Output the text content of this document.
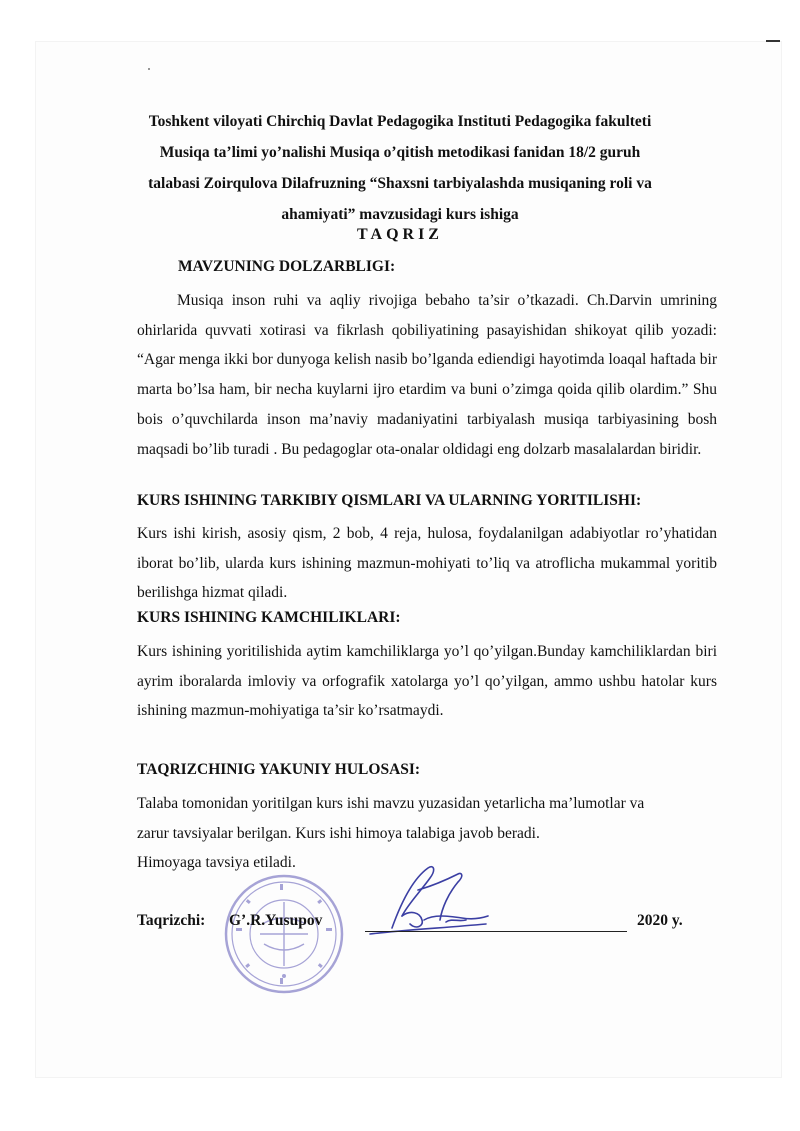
Toshkent viloyati Chirchiq Davlat Pedagogika Instituti Pedagogika fakulteti
Musiqa ta’limi yo’nalishi Musiqa o’qitish metodikasi fanidan 18/2 guruh
talabasi Zoirqulova Dilafruzning “Shaxsni tarbiyalashda musiqaning roli va
ahamiyati” mavzusidagi kurs ishiga
TAQRIZ
MAVZUNING DOLZARBLIGI:
Musiqa inson ruhi va aqliy rivojiga bebaho ta’sir o’tkazadi. Ch.Darvin umrining ohirlarida quvvati xotirasi va fikrlash qobiliyatining pasayishidan shikoyat qilib yozadi: “Agar menga ikki bor dunyoga kelish nasib bo’lganda ediendigi hayotimda loaqal haftada bir marta bo’lsa ham, bir necha kuylarni ijro etardim va buni o’zimga qoida qilib olardim.” Shu bois o’quvchilarda inson ma’naviy madaniyatini tarbiyalash musiqa tarbiyasining bosh maqsadi bo’lib turadi . Bu pedagoglar ota-onalar oldidagi eng dolzarb masalalardan biridir.
KURS ISHINING TARKIBIY QISMLARI VA ULARNING YORITILISHI:
Kurs ishi kirish, asosiy qism, 2 bob, 4 reja, hulosa, foydalanilgan adabiyotlar ro’yhatidan iborat bo’lib, ularda kurs ishining mazmun-mohiyati to’liq va atroflicha mukammal yoritib berilishga hizmat qiladi.
KURS ISHINING KAMCHILIKLARI:
Kurs ishining yoritilishida aytim kamchiliklarga yo’l qo’yilgan.Bunday kamchiliklardan biri ayrim iboralarda imloviy va orfografik xatolarga yo’l qo’yilgan, ammo ushbu hatolar kurs ishining mazmun-mohiyatiga ta’sir ko’rsatmaydi.
TAQRIZCHINIG YAKUNIY HULOSASI:
Talaba tomonidan yoritilgan kurs ishi mavzu yuzasidan yetarlicha ma’lumotlar va
zarur tavsiyalar berilgan. Kurs ishi himoya talabiga javob beradi.
Himoyaga tavsiya etiladi.
Taqrizchi: G’.R.Yusupov	2020 y.
